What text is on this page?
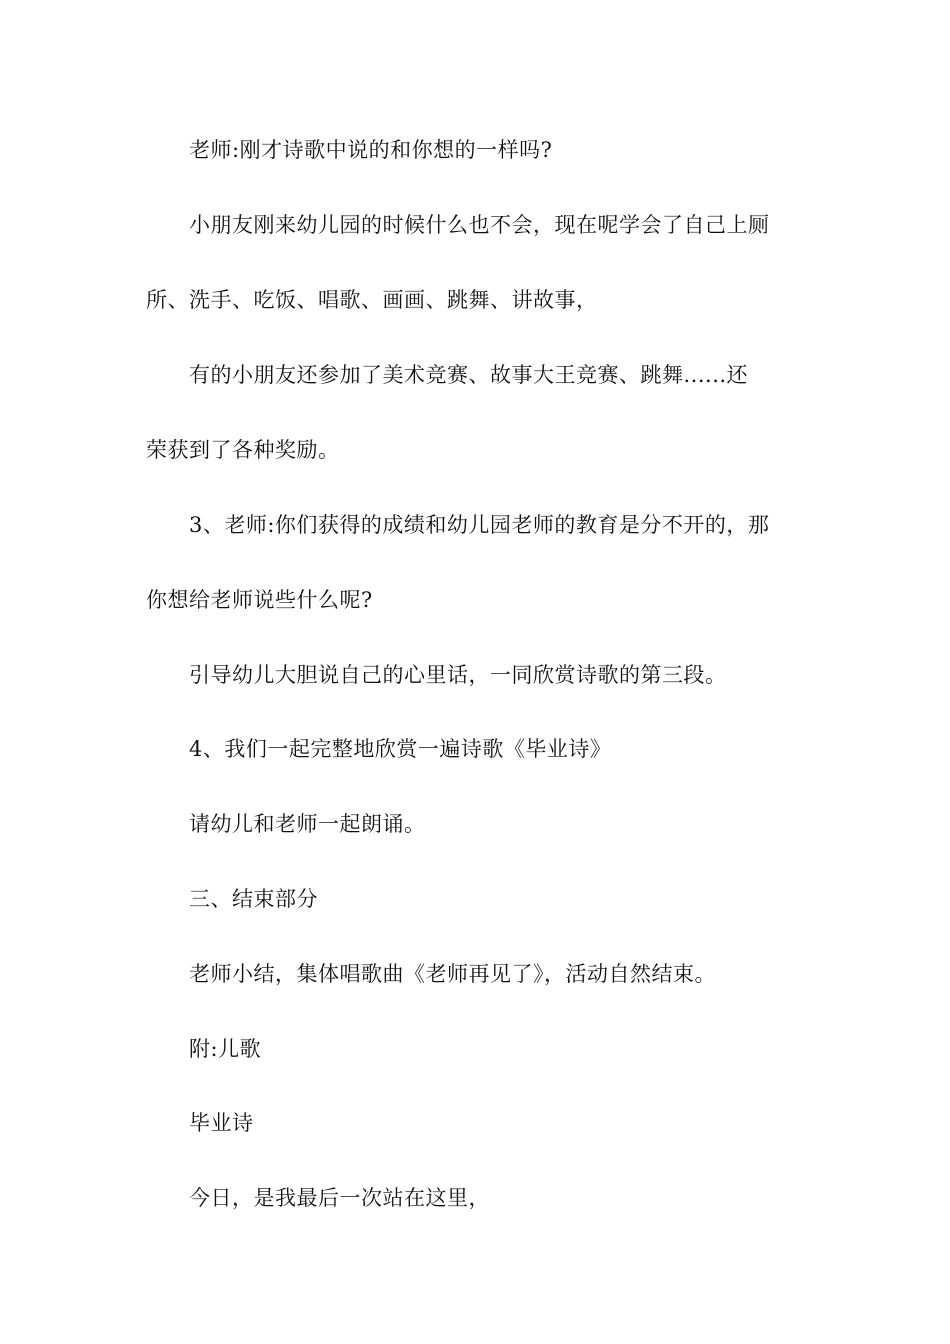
老师:刚才诗歌中说的和你想的一样吗?
小朋友刚来幼儿园的时候什么也不会，现在呢学会了自己上厕
所、洗手、吃饭、唱歌、画画、跳舞、讲故事，
有的小朋友还参加了美术竞赛、故事大王竞赛、跳舞......还
荣获到了各种奖励。
3、老师:你们获得的成绩和幼儿园老师的教育是分不开的，那
你想给老师说些什么呢?
引导幼儿大胆说自己的心里话，一同欣赏诗歌的第三段。
4、我们一起完整地欣赏一遍诗歌《毕业诗》
请幼儿和老师一起朗诵。
三、结束部分
老师小结，集体唱歌曲《老师再见了》，活动自然结束。
附:儿歌
毕业诗
今日，是我最后一次站在这里，
